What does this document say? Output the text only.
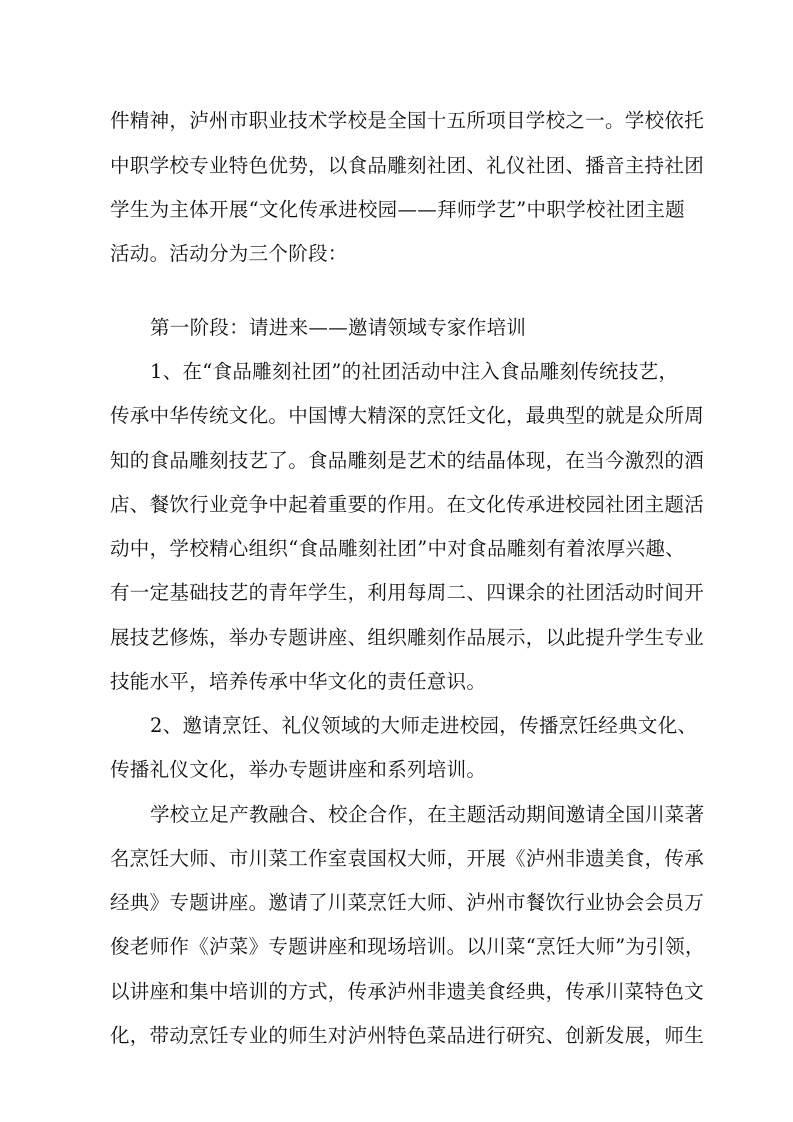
件精神，泸州市职业技术学校是全国十五所项目学校之一。学校依托
中职学校专业特色优势，以食品雕刻社团、礼仪社团、播音主持社团
学生为主体开展“文化传承进校园——拜师学艺”中职学校社团主题
活动。活动分为三个阶段：
第一阶段：请进来——邀请领域专家作培训
1、在“食品雕刻社团”的社团活动中注入食品雕刻传统技艺，
传承中华传统文化。中国博大精深的烹饪文化，最典型的就是众所周
知的食品雕刻技艺了。食品雕刻是艺术的结晶体现，在当今激烈的酒
店、餐饮行业竞争中起着重要的作用。在文化传承进校园社团主题活
动中，学校精心组织“食品雕刻社团”中对食品雕刻有着浓厚兴趣、
有一定基础技艺的青年学生，利用每周二、四课余的社团活动时间开
展技艺修炼，举办专题讲座、组织雕刻作品展示，以此提升学生专业
技能水平，培养传承中华文化的责任意识。
2、邀请烹饪、礼仪领域的大师走进校园，传播烹饪经典文化、
传播礼仪文化，举办专题讲座和系列培训。
学校立足产教融合、校企合作，在主题活动期间邀请全国川菜著
名烹饪大师、市川菜工作室袁国权大师，开展《泸州非遗美食，传承
经典》专题讲座。邀请了川菜烹饪大师、泸州市餐饮行业协会会员万
俊老师作《泸菜》专题讲座和现场培训。以川菜“烹饪大师”为引领，
以讲座和集中培训的方式，传承泸州非遗美食经典，传承川菜特色文
化，带动烹饪专业的师生对泸州特色菜品进行研究、创新发展，师生
